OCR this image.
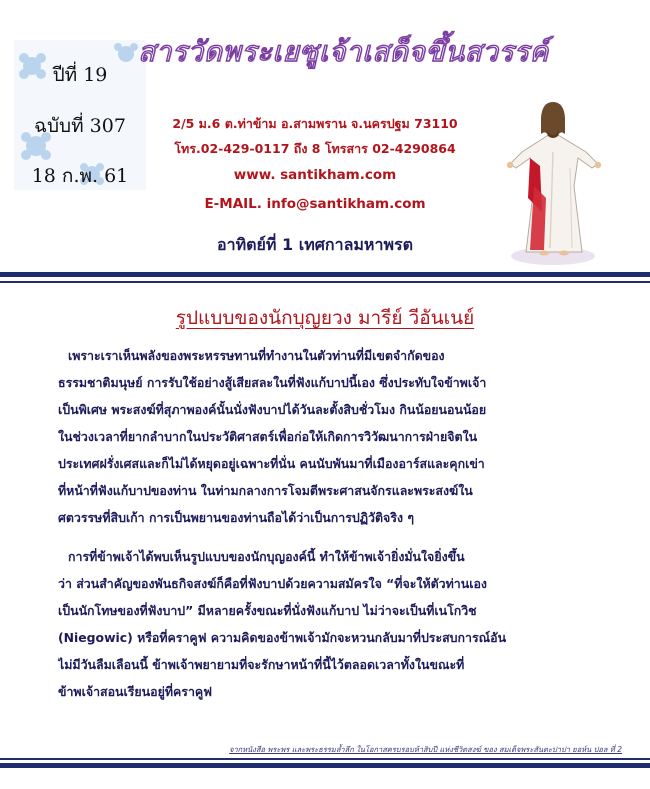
ปีที่ 19
ฉบับที่ 307
18 ก.พ. 61
สารวัดพระเยซูเจ้าเสด็จขึ้นสวรรค์
2/5 ม.6 ต.ท่าข้าม อ.สามพราน จ.นครปฐม 73110
โทร.02-429-0117 ถึง 8 โทรสาร 02-4290864
www. santikham.com
E-MAIL. info@santikham.com
อาทิตย์ที่ 1 เทศกาลมหาพรต
รูปแบบของนักบุญยวง มารีย์ วีอันเนย์
เพราะเราเห็นพลังของพระหรรษทานที่ทำงานในตัวท่านที่มีเขตจำกัดของ
ธรรมชาติมนุษย์ การรับใช้อย่างสู้เสียสละในที่ฟังแก้บาปนี้เอง ซึ่งประทับใจข้าพเจ้า
เป็นพิเศษ พระสงฆ์ที่สุภาพองค์นั้นนั่งฟังบาปได้วันละตั้งสิบชั่วโมง กินน้อยนอนน้อย
ในช่วงเวลาที่ยากลำบากในประวัติศาสตร์เพื่อก่อให้เกิดการวิวัฒนาการฝ่ายจิตใน
ประเทศฝรั่งเศสและก็ไม่ได้หยุดอยู่เฉพาะที่นั่น คนนับพันมาที่เมืองอาร์สและคุกเข่า
ที่หน้าที่ฟังแก้บาปของท่าน ในท่ามกลางการโจมตีพระศาสนจักรและพระสงฆ์ใน
ศตวรรษที่สิบเก้า การเป็นพยานของท่านถือได้ว่าเป็นการปฏิวัติจริง ๆ
การที่ข้าพเจ้าได้พบเห็นรูปแบบของนักบุญองค์นี้ ทำให้ข้าพเจ้ายิ่งมั่นใจยิ่งขึ้น
ว่า ส่วนสำคัญของพันธกิจสงฆ์ก็คือที่ฟังบาปด้วยความสมัครใจ “ที่จะให้ตัวท่านเอง
เป็นนักโทษของที่ฟังบาป” มีหลายครั้งขณะที่นั่งฟังแก้บาป ไม่ว่าจะเป็นที่เนโกวิช
(Niegowic) หรือที่คราคูฟ ความคิดของข้าพเจ้ามักจะหวนกลับมาที่ประสบการณ์อัน
ไม่มีวันลืมเลือนนี้ ข้าพเจ้าพยายามที่จะรักษาหน้าที่นี้ไว้ตลอดเวลาทั้งในขณะที่
ข้าพเจ้าสอนเรียนอยู่ที่คราคูฟ
จากหนังสือ พระพร และพระธรรมล้ำลึก ในโอกาสครบรอบห้าสิบปี แห่งชีวิตสงฆ์ ของ สมเด็จพระสันตะปาปา ยอห์น ปอล ที่ 2
